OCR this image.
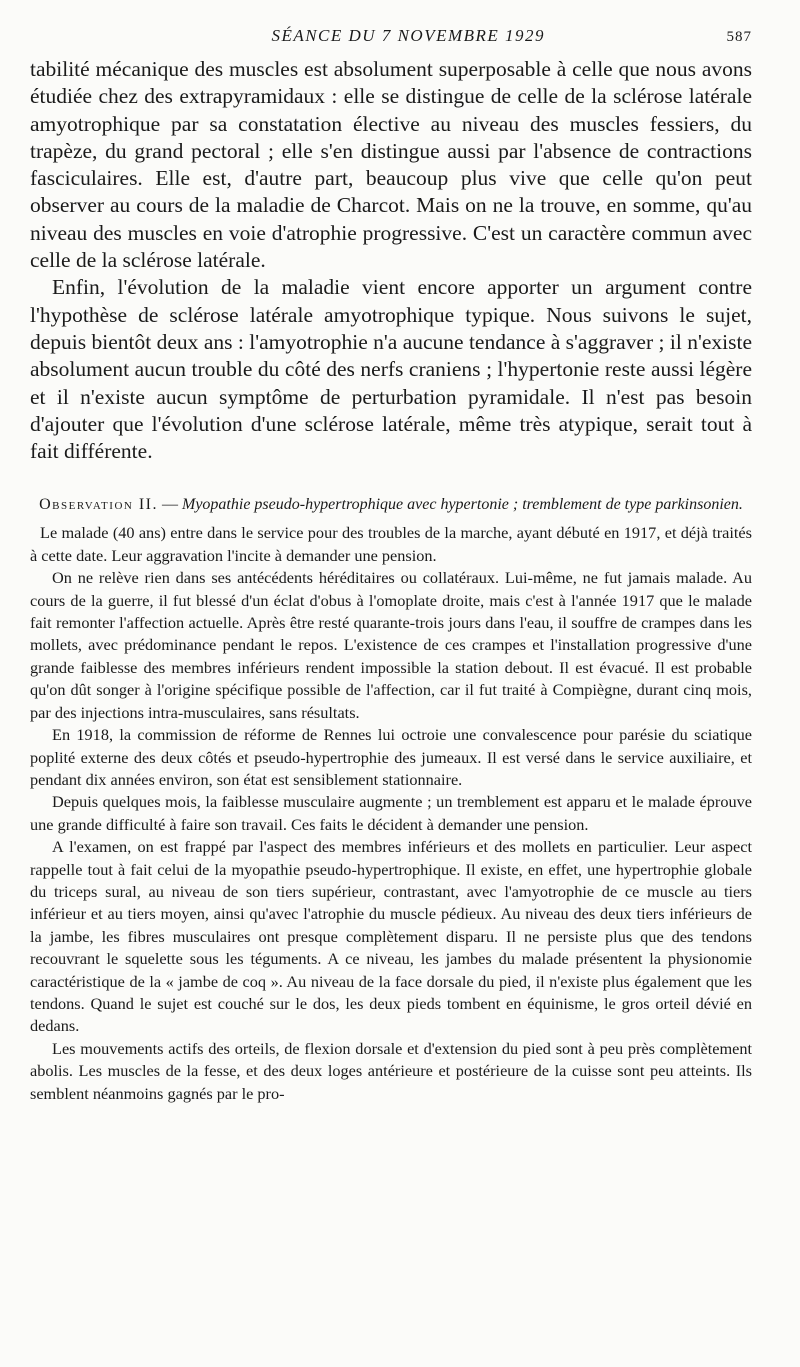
SÉANCE DU 7 NOVEMBRE 1929	587

tabilité mécanique des muscles est absolument superposable à celle que nous avons étudiée chez des extrapyramidaux : elle se distingue de celle de la sclérose latérale amyotrophique par sa constatation élective au niveau des muscles fessiers, du trapèze, du grand pectoral ; elle s'en distingue aussi par l'absence de contractions fasciculaires. Elle est, d'autre part, beaucoup plus vive que celle qu'on peut observer au cours de la maladie de Charcot. Mais on ne la trouve, en somme, qu'au niveau des muscles en voie d'atrophie progressive. C'est un caractère commun avec celle de la sclérose latérale.

Enfin, l'évolution de la maladie vient encore apporter un argument contre l'hypothèse de sclérose latérale amyotrophique typique. Nous suivons le sujet, depuis bientôt deux ans : l'amyotrophie n'a aucune tendance à s'aggraver ; il n'existe absolument aucun trouble du côté des nerfs craniens ; l'hypertonie reste aussi légère et il n'existe aucun symptôme de perturbation pyramidale. Il n'est pas besoin d'ajouter que l'évolution d'une sclérose latérale, même très atypique, serait tout à fait différente.

Observation II. — Myopathie pseudo-hypertrophique avec hypertonie ; tremblement de type parkinsonien.

Le malade (40 ans) entre dans le service pour des troubles de la marche, ayant débuté en 1917, et déjà traités à cette date. Leur aggravation l'incite à demander une pension.

On ne relève rien dans ses antécédents héréditaires ou collatéraux. Lui-même, ne fut jamais malade. Au cours de la guerre, il fut blessé d'un éclat d'obus à l'omoplate droite, mais c'est à l'année 1917 que le malade fait remonter l'affection actuelle. Après être resté quarante-trois jours dans l'eau, il souffre de crampes dans les mollets, avec prédominance pendant le repos. L'existence de ces crampes et l'installation progressive d'une grande faiblesse des membres inférieurs rendent impossible la station debout. Il est évacué. Il est probable qu'on dût songer à l'origine spécifique possible de l'affection, car il fut traité à Compiègne, durant cinq mois, par des injections intra-musculaires, sans résultats.

En 1918, la commission de réforme de Rennes lui octroie une convalescence pour parésie du sciatique poplité externe des deux côtés et pseudo-hypertrophie des jumeaux. Il est versé dans le service auxiliaire, et pendant dix années environ, son état est sensiblement stationnaire.

Depuis quelques mois, la faiblesse musculaire augmente ; un tremblement est apparu et le malade éprouve une grande difficulté à faire son travail. Ces faits le décident à demander une pension.

A l'examen, on est frappé par l'aspect des membres inférieurs et des mollets en particulier. Leur aspect rappelle tout à fait celui de la myopathie pseudo-hypertrophique. Il existe, en effet, une hypertrophie globale du triceps sural, au niveau de son tiers supérieur, contrastant, avec l'amyotrophie de ce muscle au tiers inférieur et au tiers moyen, ainsi qu'avec l'atrophie du muscle pédieux. Au niveau des deux tiers inférieurs de la jambe, les fibres musculaires ont presque complètement disparu. Il ne persiste plus que des tendons recouvrant le squelette sous les téguments. A ce niveau, les jambes du malade présentent la physionomie caractéristique de la « jambe de coq ». Au niveau de la face dorsale du pied, il n'existe plus également que les tendons. Quand le sujet est couché sur le dos, les deux pieds tombent en équinisme, le gros orteil dévié en dedans.

Les mouvements actifs des orteils, de flexion dorsale et d'extension du pied sont à peu près complètement abolis. Les muscles de la fesse, et des deux loges antérieure et postérieure de la cuisse sont peu atteints. Ils semblent néanmoins gagnés par le pro-
